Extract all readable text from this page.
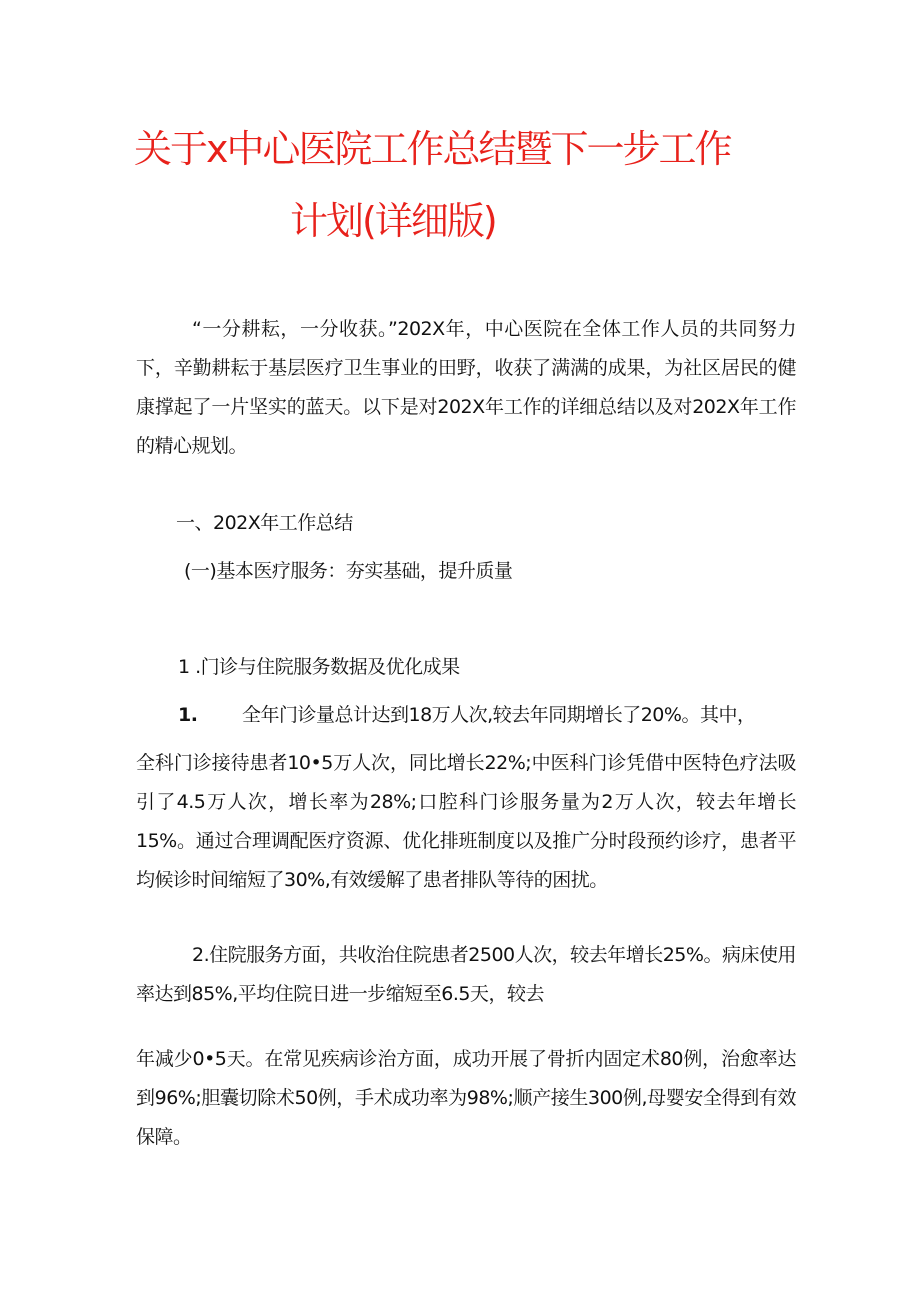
关于x中心医院工作总结暨下一步工作
计划(详细版)

“一分耕耘，一分收获。”202X年，中心医院在全体工作人员的共同努力下，辛勤耕耘于基层医疗卫生事业的田野，收获了满满的成果，为社区居民的健康撑起了一片坚实的蓝天。以下是对202X年工作的详细总结以及对202X年工作的精心规划。

一、202X年工作总结

(一)基本医疗服务：夯实基础，提升质量

1 .门诊与住院服务数据及优化成果

1. 全年门诊量总计达到18万人次,较去年同期增长了20%。其中，

全科门诊接待患者10•5万人次，同比增长22%;中医科门诊凭借中医特色疗法吸引了4.5万人次，增长率为28%;口腔科门诊服务量为2万人次，较去年增长15%。通过合理调配医疗资源、优化排班制度以及推广分时段预约诊疗，患者平均候诊时间缩短了30%,有效缓解了患者排队等待的困扰。

2.住院服务方面，共收治住院患者2500人次，较去年增长25%。病床使用率达到85%,平均住院日进一步缩短至6.5天，较去

年减少0•5天。在常见疾病诊治方面，成功开展了骨折内固定术80例，治愈率达到96%;胆囊切除术50例，手术成功率为98%;顺产接生300例,母婴安全得到有效保障。
